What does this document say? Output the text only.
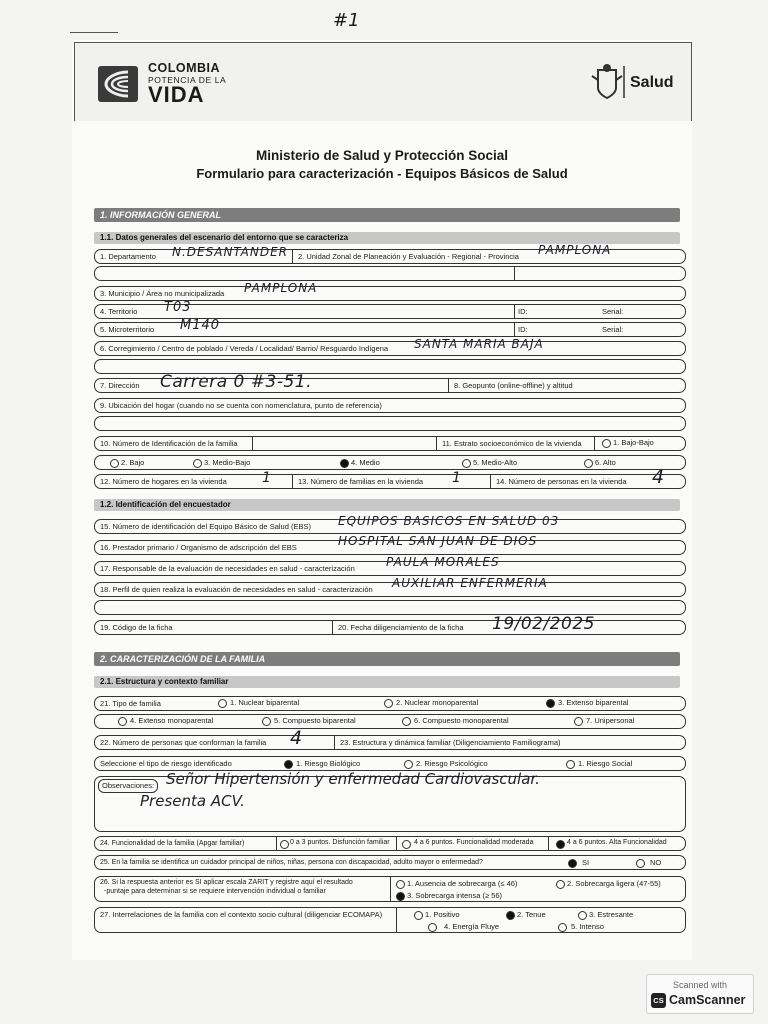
#1
COLOMBIA
POTENCIA DE LA
VIDA	Salud
Ministerio de Salud y Protección Social
Formulario para caracterización - Equipos Básicos de Salud
1. INFORMACIÓN GENERAL
1.1. Datos generales del escenario del entorno que se caracteriza
1. Departamento N.DESANTANDER 2. Unidad Zonal de Planeación y Evaluación - Regional - Provincia PAMPLONA
3. Municipio / Área no municipalizada PAMPLONA
4. Territorio T03	ID:	Serial:
5. Microterritorio M140	ID:	Serial:
6. Corregimiento / Centro de poblado / Vereda / Localidad/ Barrio/ Resguardo Indígena SANTA MARIA BAJA
7. Dirección Carrera 0 #3-51.	8. Geopunto (online-offline) y altitud
9. Ubicación del hogar (cuando no se cuenta con nomenclatura, punto de referencia)
10. Número de Identificación de la familia	11. Estrato socioeconómico de la vivienda	1. Bajo-Bajo
2. Bajo	3. Medio-Bajo	4. Medio	5. Medio-Alto	6. Alto
12. Número de hogares en la vivienda	1	13. Número de familias en la vivienda 1	14. Número de personas en la vivienda 4
1.2. Identificación del encuestador
15. Número de identificación del Equipo Básico de Salud (EBS) EQUIPOS BASICOS EN SALUD 03
16. Prestador primario / Organismo de adscripción del EBS	HOSPITAL SAN JUAN DE DIOS
17. Responsable de la evaluación de necesidades en salud - caracterización	PAULA MORALES
18. Perfil de quien realiza la evaluación de necesidades en salud - caracterización AUXILIAR ENFERMERIA
19. Código de la ficha	20. Fecha diligenciamiento de la ficha 19/02/2025
2. CARACTERIZACIÓN DE LA FAMILIA
2.1. Estructura y contexto familiar
21. Tipo de familia	1. Nuclear biparental	2. Nuclear monoparental	3. Extenso biparental
4. Extenso monoparental	5. Compuesto biparental	6. Compuesto monoparental	7. Unipersonal
22. Número de personas que conforman la familia 4	23. Estructura y dinámica familiar (Diligenciamiento Familiograma)
Seleccione el tipo de riesgo identificado	1. Riesgo Biológico	2. Riesgo Psicológico	1. Riesgo Social
Observaciones: Señor Hipertensión y enfermedad Cardiovascular.
Presenta ACV.
24. Funcionalidad de la familia (Apgar familiar)	0 a 3 puntos. Disfunción familiar	4 a 6 puntos. Funcionalidad moderada	4 a 6 puntos. Alta Funcionalidad
25. En la familia se identifica un cuidador principal de niños, niñas, persona con discapacidad, adulto mayor o enfermedad?	SI	NO
26. Si la respuesta anterior es SI aplicar escala ZARIT y registre aquí el resultado
-puntaje para determinar si se requiere intervención individual o familiar
1. Ausencia de sobrecarga (≤ 46)	2. Sobrecarga ligera (47-55)
3. Sobrecarga intensa (≥ 56)
27. Interrelaciones de la familia con el contexto socio cultural (diligenciar ECOMAPA)	1. Positivo	2. Tenue	3. Estresante
4. Energía Fluye	5. Intenso
Scanned with
CS CamScanner
